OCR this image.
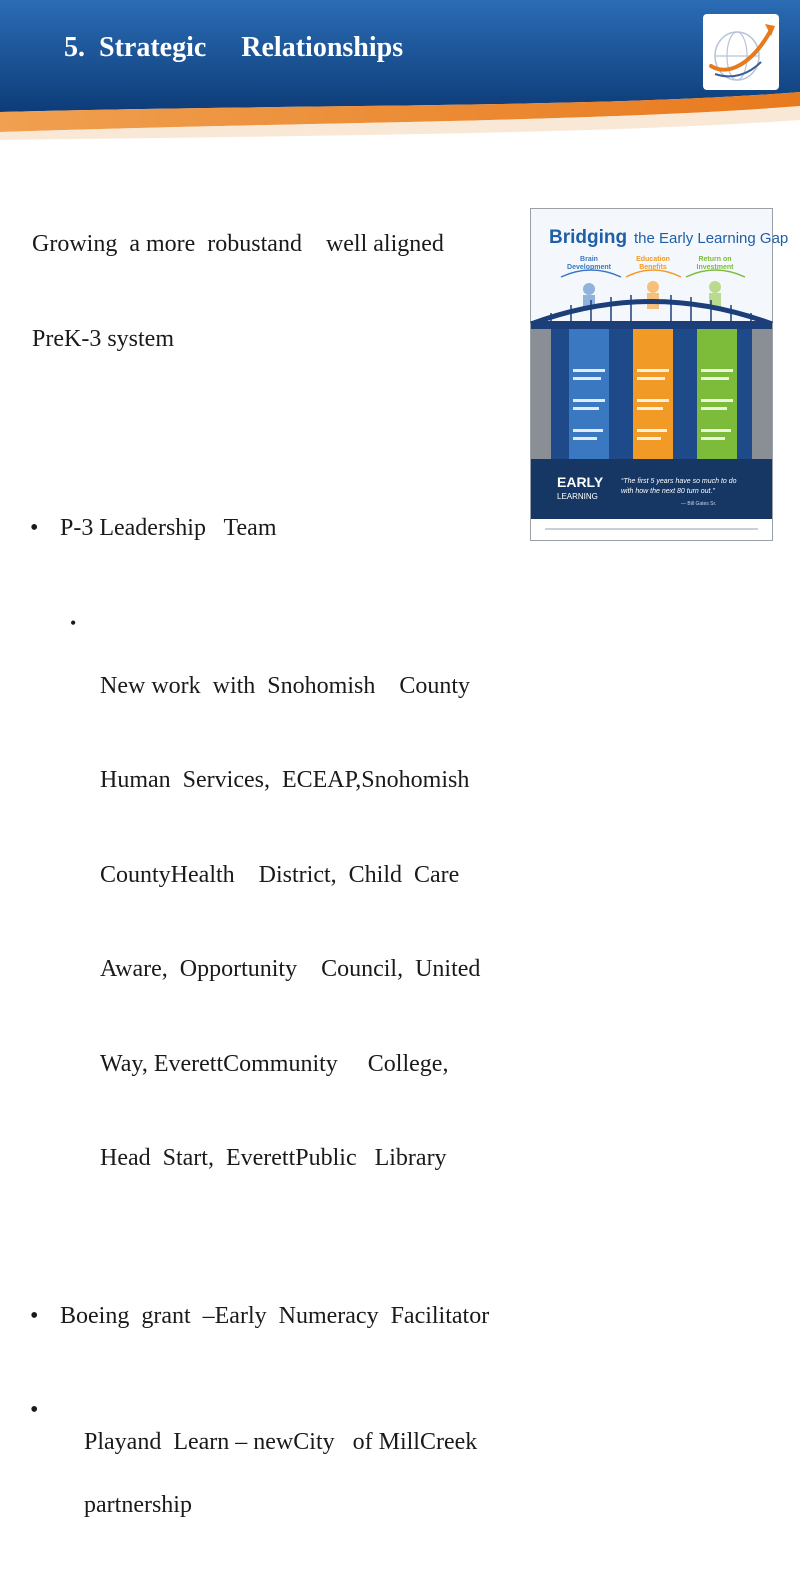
5.  Strategic     Relationships

Growing  a more  robustand    well aligned

PreK-3 system

• P-3 Leadership   Team

• New work  with  Snohomish    County

Human  Services,  ECEAP,Snohomish

CountyHealth    District,  Child  Care

Aware,  Opportunity    Council,  United

Way, EverettCommunity     College,

Head  Start,  EverettPublic   Library

• Boeing  grant  –Early  Numeracy  Facilitator

• Playand  Learn – newCity   of MillCreek

partnership

Bridging the Early Learning Gap
Brain
Development
Education
Benefits
Return on
Investment
EARLY
LEARNING
“The first 5 years have so much to do
with how the next 80 turn out.”
— Bill Gates Sr.
